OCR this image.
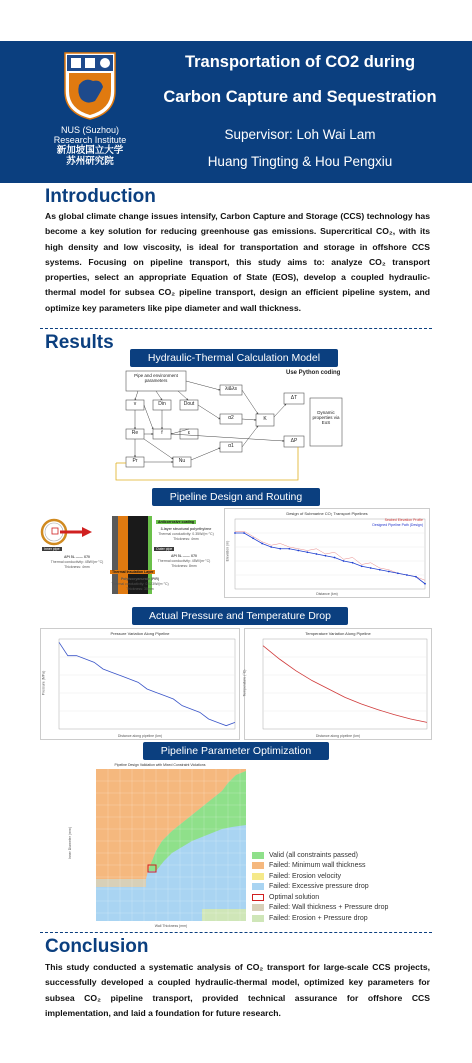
NUS (Suzhou)
Research Institute
新加坡国立大学
苏州研究院
Transportation of CO2 during
Carbon Capture and Sequestration
Supervisor: Loh Wai Lam
Huang Tingting & Hou Pengxiu
Introduction
As global climate change issues intensify, Carbon Capture and Storage (CCS) technology has become a key solution for reducing greenhouse gas emissions. Supercritical CO₂, with its high density and low viscosity, is ideal for transportation and storage in offshore CCS systems. Focusing on pipeline transport, this study aims to: analyze CO₂ transport properties, select an appropriate Equation of State (EOS), develop a coupled hydraulic-thermal model for subsea CO₂ pipeline transport, design an efficient pipeline system, and optimize key parameters like pipe diameter and wall thickness.
Results
Hydraulic-Thermal Calculation Model
Pipe and environment parameters
v	Din	Dout
Re	f	ε
Pr	Nu
λi&λs
α2
α1
K
ΔT
ΔP
Use Python coding
Dynamic properties via EoS
Pipeline Design and Routing
Inner pipe
API 5L ―― X70
Thermal conductivity: 45W/(m·°C)
Thickness: 4mm
Anticorrosive coating
3-layer structural polyethylene
Thermal conductivity: 0.35W/(m·°C)
Thickness: 4mm
Outer pipe
API 5L ―― X70
Thermal conductivity: 45W/(m·°C)
Thickness: 8mm
Thermal Insulation Layer
Polyisocyanurate (PIR)
Thermal conductivity: 0.023W/(m·°C)
Thickness: 30mm
Design of Submarine CO₂ Transport Pipelines
Distance (km)
Elevation (m)
Seabed Elevation Profile
Designed Pipeline Path (Design)
Actual Pressure and Temperature Drop
Pressure Variation Along Pipeline
Distance along pipeline (km)
Pressure (MPa)
Temperature Variation Along Pipeline
Distance along pipeline (km)
Temperature (°C)
Pipeline Parameter Optimization
Pipeline Design Validation with Mixed Constraint Violations
Wall Thickness (mm)
Inner Diameter (mm)	Valid (all constraints passed)
Failed: Minimum wall thickness
Failed: Erosion velocity
Failed: Excessive pressure drop
Optimal solution
Failed: Wall thickness + Pressure drop
Failed: Erosion + Pressure drop
Conclusion
This study conducted a systematic analysis of CO₂ transport for large-scale CCS projects, successfully developed a coupled hydraulic-thermal model, optimized key parameters for subsea CO₂ pipeline transport, provided technical assurance for offshore CCS implementation, and laid a foundation for future research.
